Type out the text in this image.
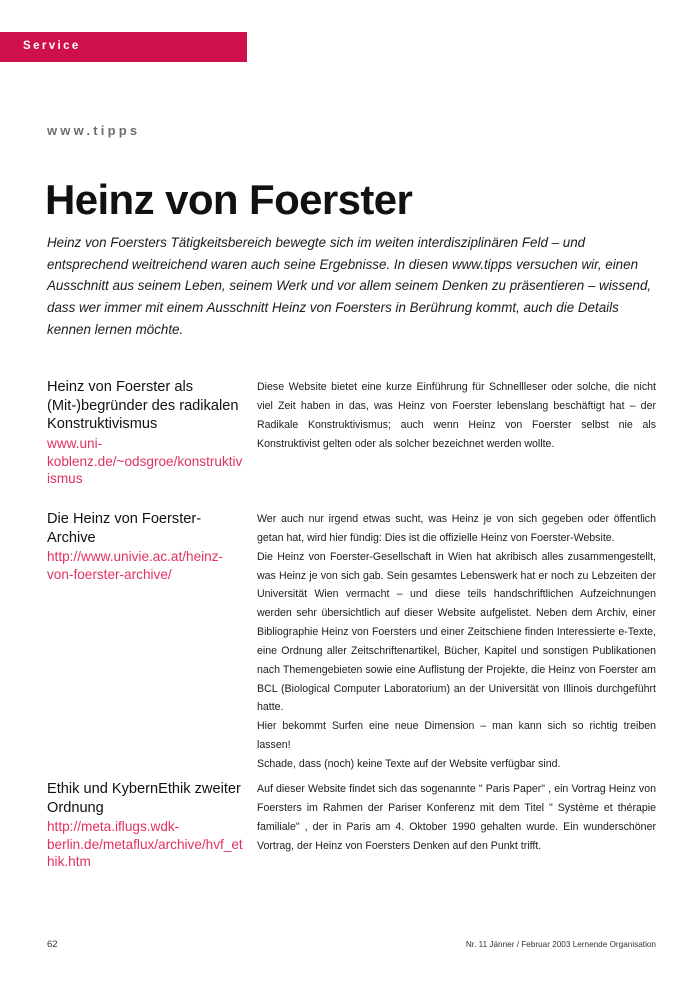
Service
www.tipps
Heinz von Foerster
Heinz von Foersters Tätigkeitsbereich bewegte sich im weiten interdisziplinären Feld – und entsprechend weitreichend waren auch seine Ergebnisse. In diesen www.tipps versuchen wir, einen Ausschnitt aus seinem Leben, seinem Werk und vor allem seinem Denken zu präsentieren – wissend, dass wer immer mit einem Ausschnitt Heinz von Foersters in Berührung kommt, auch die Details kennen lernen möchte.
Heinz von Foerster als (Mit-)begründer des radikalen Konstruktivismus
www.uni-koblenz.de/~odsgroe/konstruktivismus

Diese Website bietet eine kurze Einführung für Schnellleser oder solche, die nicht viel Zeit haben in das, was Heinz von Foerster lebenslang beschäftigt hat – der Radikale Konstruktivismus; auch wenn Heinz von Foerster selbst nie als Konstruktivist gelten oder als solcher bezeichnet werden wollte.

Die Heinz von Foerster-Archive
http://www.univie.ac.at/heinz-von-foerster-archive/

Wer auch nur irgend etwas sucht, was Heinz je von sich gegeben oder öffentlich getan hat, wird hier fündig: Dies ist die offizielle Heinz von Foerster-Website.

Die Heinz von Foerster-Gesellschaft in Wien hat akribisch alles zusammengestellt, was Heinz je von sich gab. Sein gesamtes Lebenswerk hat er noch zu Lebzeiten der Universität Wien vermacht – und diese teils handschriftlichen Aufzeichnungen werden sehr übersichtlich auf dieser Website aufgelistet. Neben dem Archiv, einer Bibliographie Heinz von Foersters und einer Zeitschiene finden Interessierte e-Texte, eine Ordnung aller Zeitschriftenartikel, Bücher, Kapitel und sonstigen Publikationen nach Themengebieten sowie eine Auflistung der Projekte, die Heinz von Foerster am BCL (Biological Computer Laboratorium) an der Universität von Illinois durchgeführt hatte.

Hier bekommt Surfen eine neue Dimension – man kann sich so richtig treiben lassen!

Schade, dass (noch) keine Texte auf der Website verfügbar sind.

Ethik und KybernEthik zweiter Ordnung
http://meta.iflugs.wdk-berlin.de/metaflux/archive/hvf_ethik.htm

Auf dieser Website findet sich das sogenannte " Paris Paper" , ein Vortrag Heinz von Foersters im Rahmen der Pariser Konferenz mit dem Titel " Système et thérapie familiale" , der in Paris am 4. Oktober 1990 gehalten wurde. Ein wunderschöner Vortrag, der Heinz von Foersters Denken auf den Punkt trifft.

62	Nr. 11 Jänner / Februar 2003 Lernende Organisation
